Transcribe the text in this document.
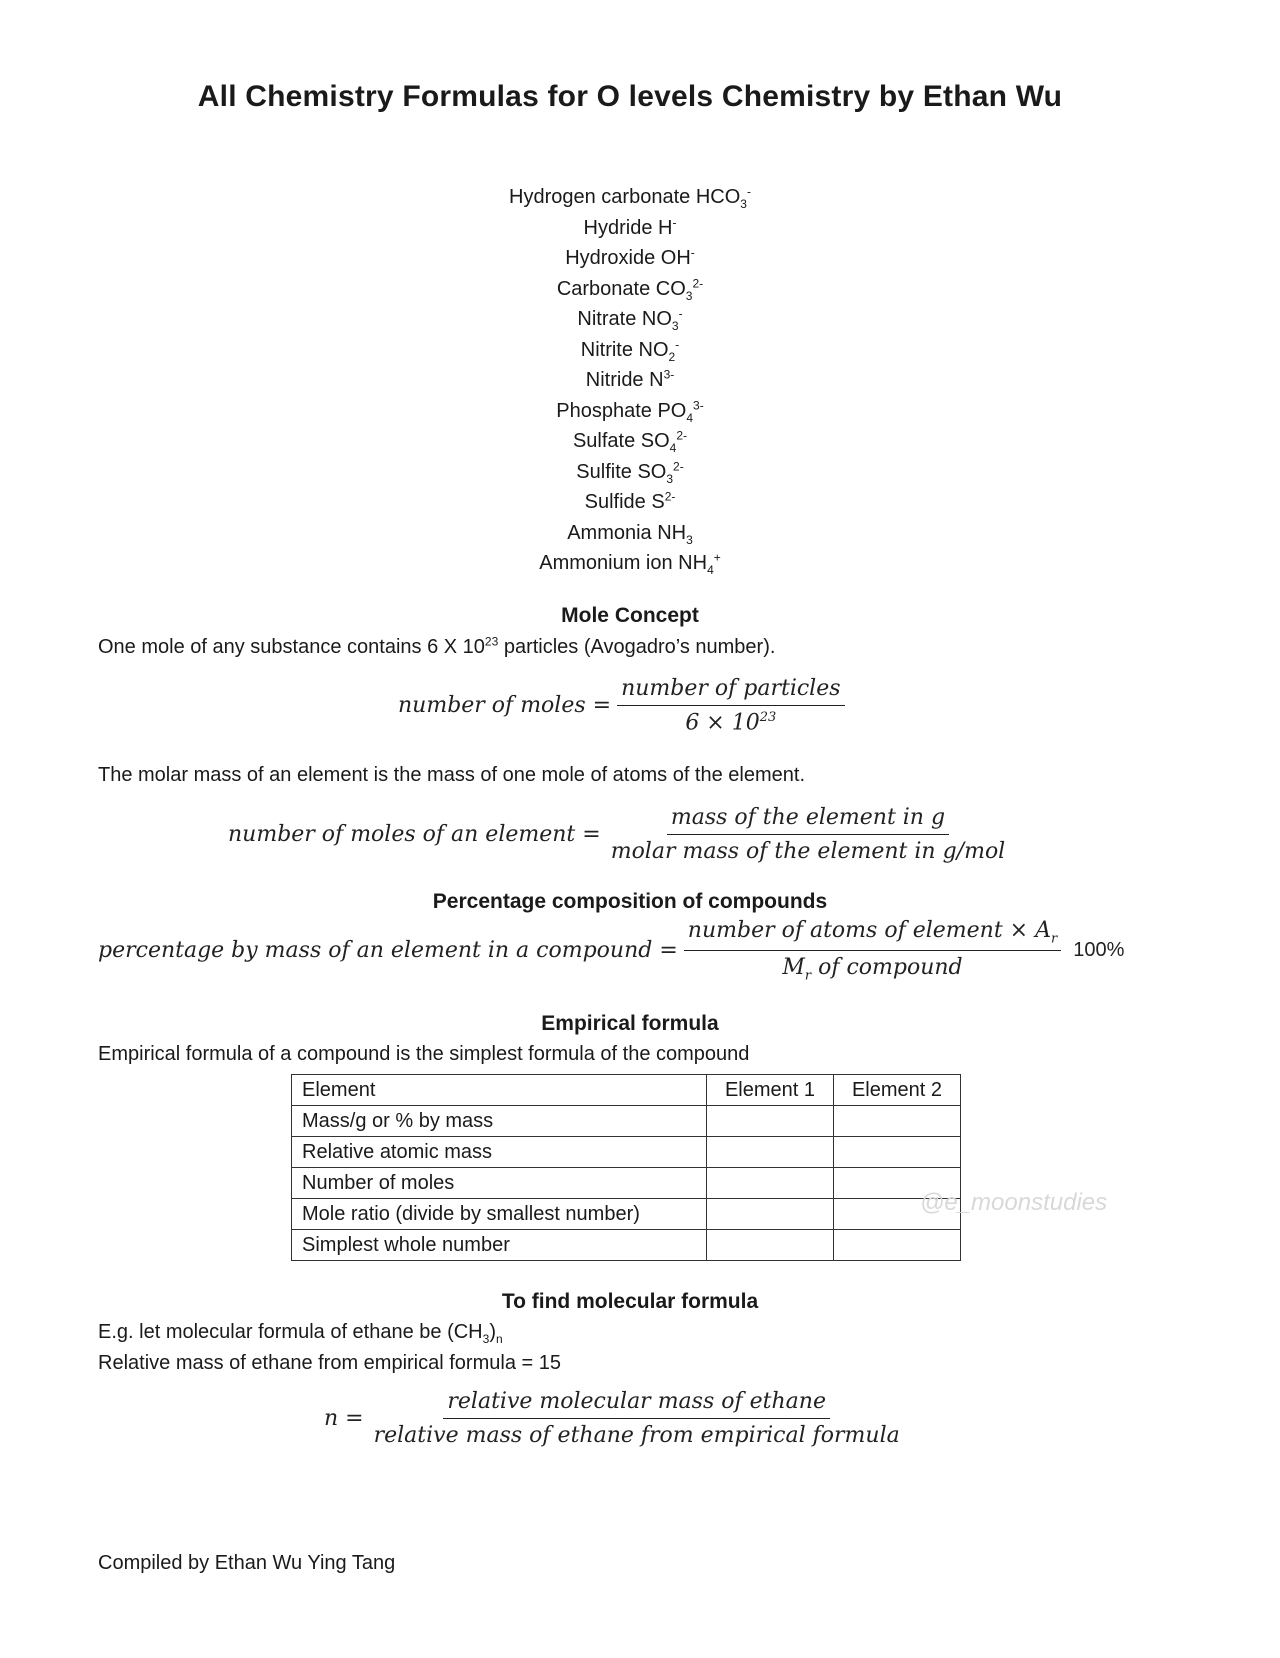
All Chemistry Formulas for O levels Chemistry by Ethan Wu
Hydrogen carbonate $HCO_3^-$
Hydride H-
Hydroxide OH-
Carbonate $CO_3^{2-}$
Nitrate $NO_3^-$
Nitrite $NO_2^-$
Nitride $N^{3-}$
Phosphate $PO_4^{3-}$
Sulfate $SO_4^{2-}$
Sulfite $SO_3^{2-}$
Sulfide $S^{2-}$
Ammonia $NH_3$
Ammonium ion $NH_4^+$
Mole Concept
One mole of any substance contains 6 X $10^{23}$ particles (Avogadro’s number).
number of moles = $\frac{\text{number of particles}}{6 \times 10^{23}}$
The molar mass of an element is the mass of one mole of atoms of the element.
number of moles of an element = $\frac{\text{mass of the element in g}}{\text{molar mass of the element in g/mol}}$
Percentage composition of compounds
percentage by mass of an element in a compound = $\frac{number of atoms of element \times A_r}{M_r of compound} 100\%$
Empirical formula
Empirical formula of a compound is the simplest formula of the compound
Element	Element 1	Element 2
Mass/g or % by mass		
Relative atomic mass		
Number of moles		
Mole ratio (divide by smallest number)		
Simplest whole number		
@e_moonstudies
To find molecular formula
E.g. let molecular formula of ethane be $(CH_3)_n$
Relative mass of ethane from empirical formula = 15
$n = \frac{\text{relative molecular mass of ethane}}{\text{relative mass of ethane from empirical formula}}$
Compiled by Ethan Wu Ying Tang
